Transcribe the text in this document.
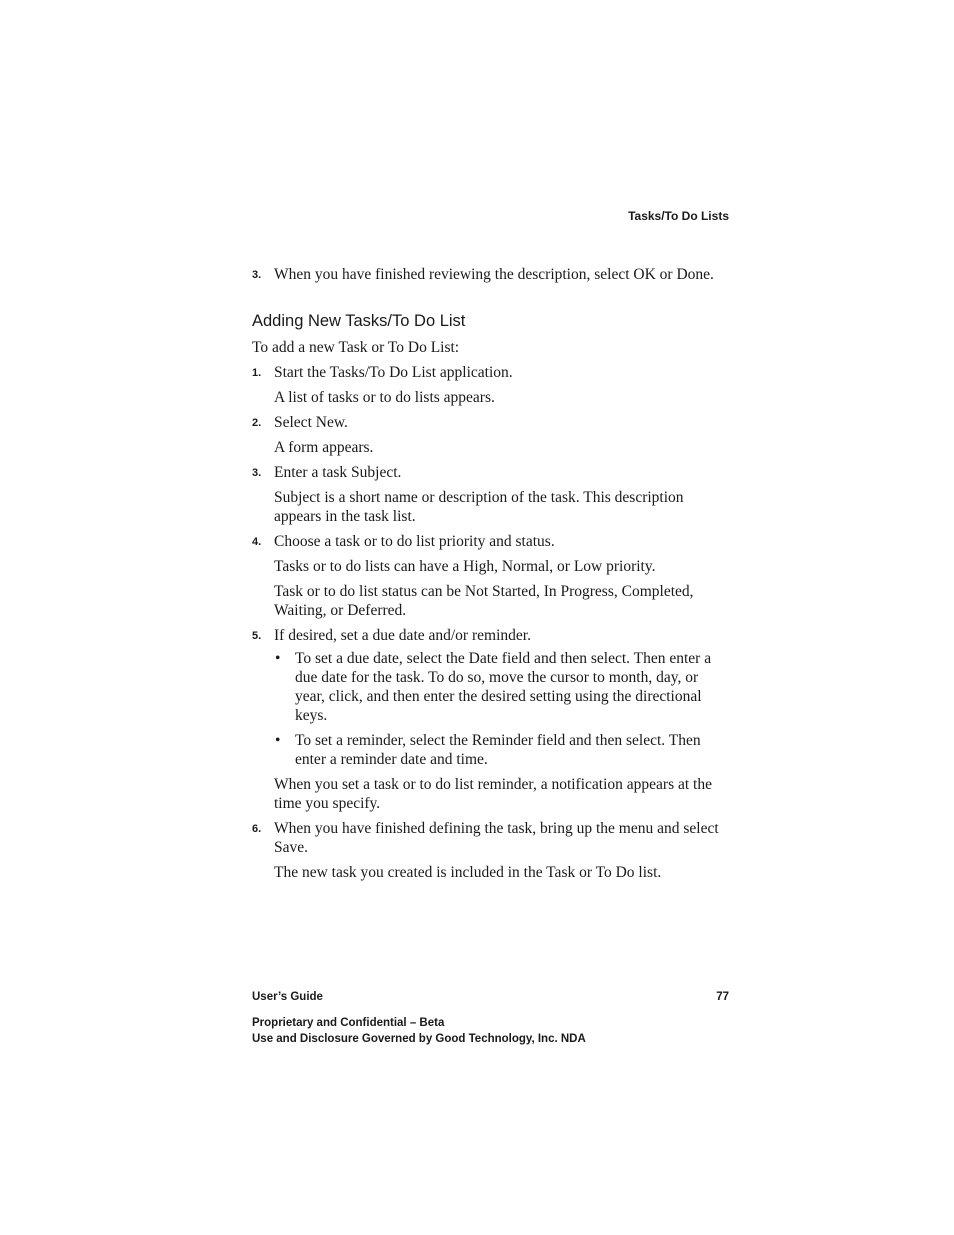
Tasks/To Do Lists
3. When you have finished reviewing the description, select OK or Done.
Adding New Tasks/To Do List
To add a new Task or To Do List:
1. Start the Tasks/To Do List application.
A list of tasks or to do lists appears.
2. Select New.
A form appears.
3. Enter a task Subject.
Subject is a short name or description of the task. This description appears in the task list.
4. Choose a task or to do list priority and status.
Tasks or to do lists can have a High, Normal, or Low priority.
Task or to do list status can be Not Started, In Progress, Completed, Waiting, or Deferred.
5. If desired, set a due date and/or reminder.
• To set a due date, select the Date field and then select. Then enter a due date for the task. To do so, move the cursor to month, day, or year, click, and then enter the desired setting using the directional keys.
• To set a reminder, select the Reminder field and then select. Then enter a reminder date and time.
When you set a task or to do list reminder, a notification appears at the time you specify.
6. When you have finished defining the task, bring up the menu and select Save.
The new task you created is included in the Task or To Do list.
User’s Guide	77
Proprietary and Confidential – Beta
Use and Disclosure Governed by Good Technology, Inc. NDA
